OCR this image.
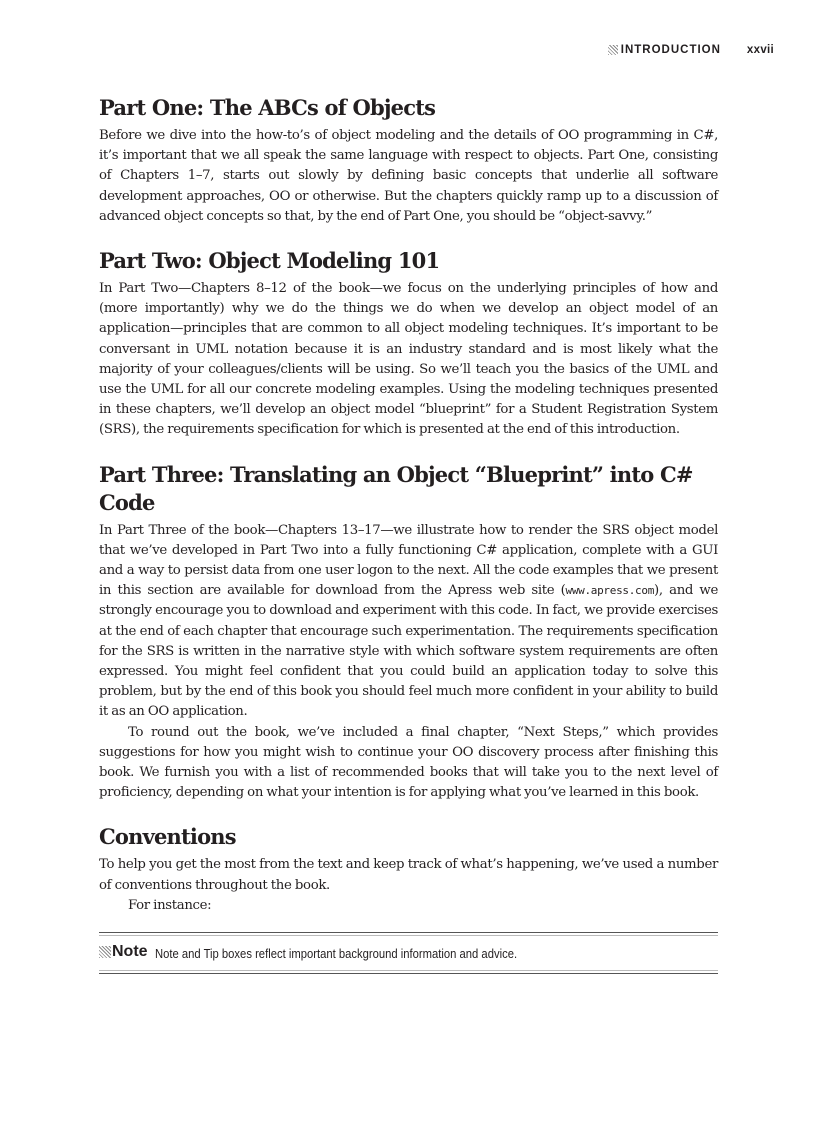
INTRODUCTION xxvii
Part One: The ABCs of Objects

Before we dive into the how-to’s of object modeling and the details of OO programming in C#, it’s important that we all speak the same language with respect to objects. Part One, consisting of Chapters 1–7, starts out slowly by defining basic concepts that underlie all software development approaches, OO or otherwise. But the chapters quickly ramp up to a discussion of advanced object concepts so that, by the end of Part One, you should be “object-savvy.”

Part Two: Object Modeling 101

In Part Two—Chapters 8–12 of the book—we focus on the underlying principles of how and (more importantly) why we do the things we do when we develop an object model of an application—principles that are common to all object modeling techniques. It’s important to be conversant in UML notation because it is an industry standard and is most likely what the majority of your colleagues/clients will be using. So we’ll teach you the basics of the UML and use the UML for all our concrete modeling examples. Using the modeling techniques presented in these chapters, we’ll develop an object model “blueprint” for a Student Registration System (SRS), the requirements specification for which is presented at the end of this introduction.

Part Three: Translating an Object “Blueprint” into C# Code

In Part Three of the book—Chapters 13–17—we illustrate how to render the SRS object model that we’ve developed in Part Two into a fully functioning C# application, complete with a GUI and a way to persist data from one user logon to the next. All the code examples that we present in this section are available for download from the Apress web site (www.apress.com), and we strongly encourage you to download and experiment with this code. In fact, we provide exercises at the end of each chapter that encourage such experimentation. The requirements specification for the SRS is written in the narrative style with which software system requirements are often expressed. You might feel confident that you could build an application today to solve this problem, but by the end of this book you should feel much more confident in your ability to build it as an OO application.

To round out the book, we’ve included a final chapter, “Next Steps,” which provides suggestions for how you might wish to continue your OO discovery process after finishing this book. We furnish you with a list of recommended books that will take you to the next level of proficiency, depending on what your intention is for applying what you’ve learned in this book.

Conventions

To help you get the most from the text and keep track of what’s happening, we’ve used a number of conventions throughout the book.

For instance:

Note Note and Tip boxes reflect important background information and advice.
